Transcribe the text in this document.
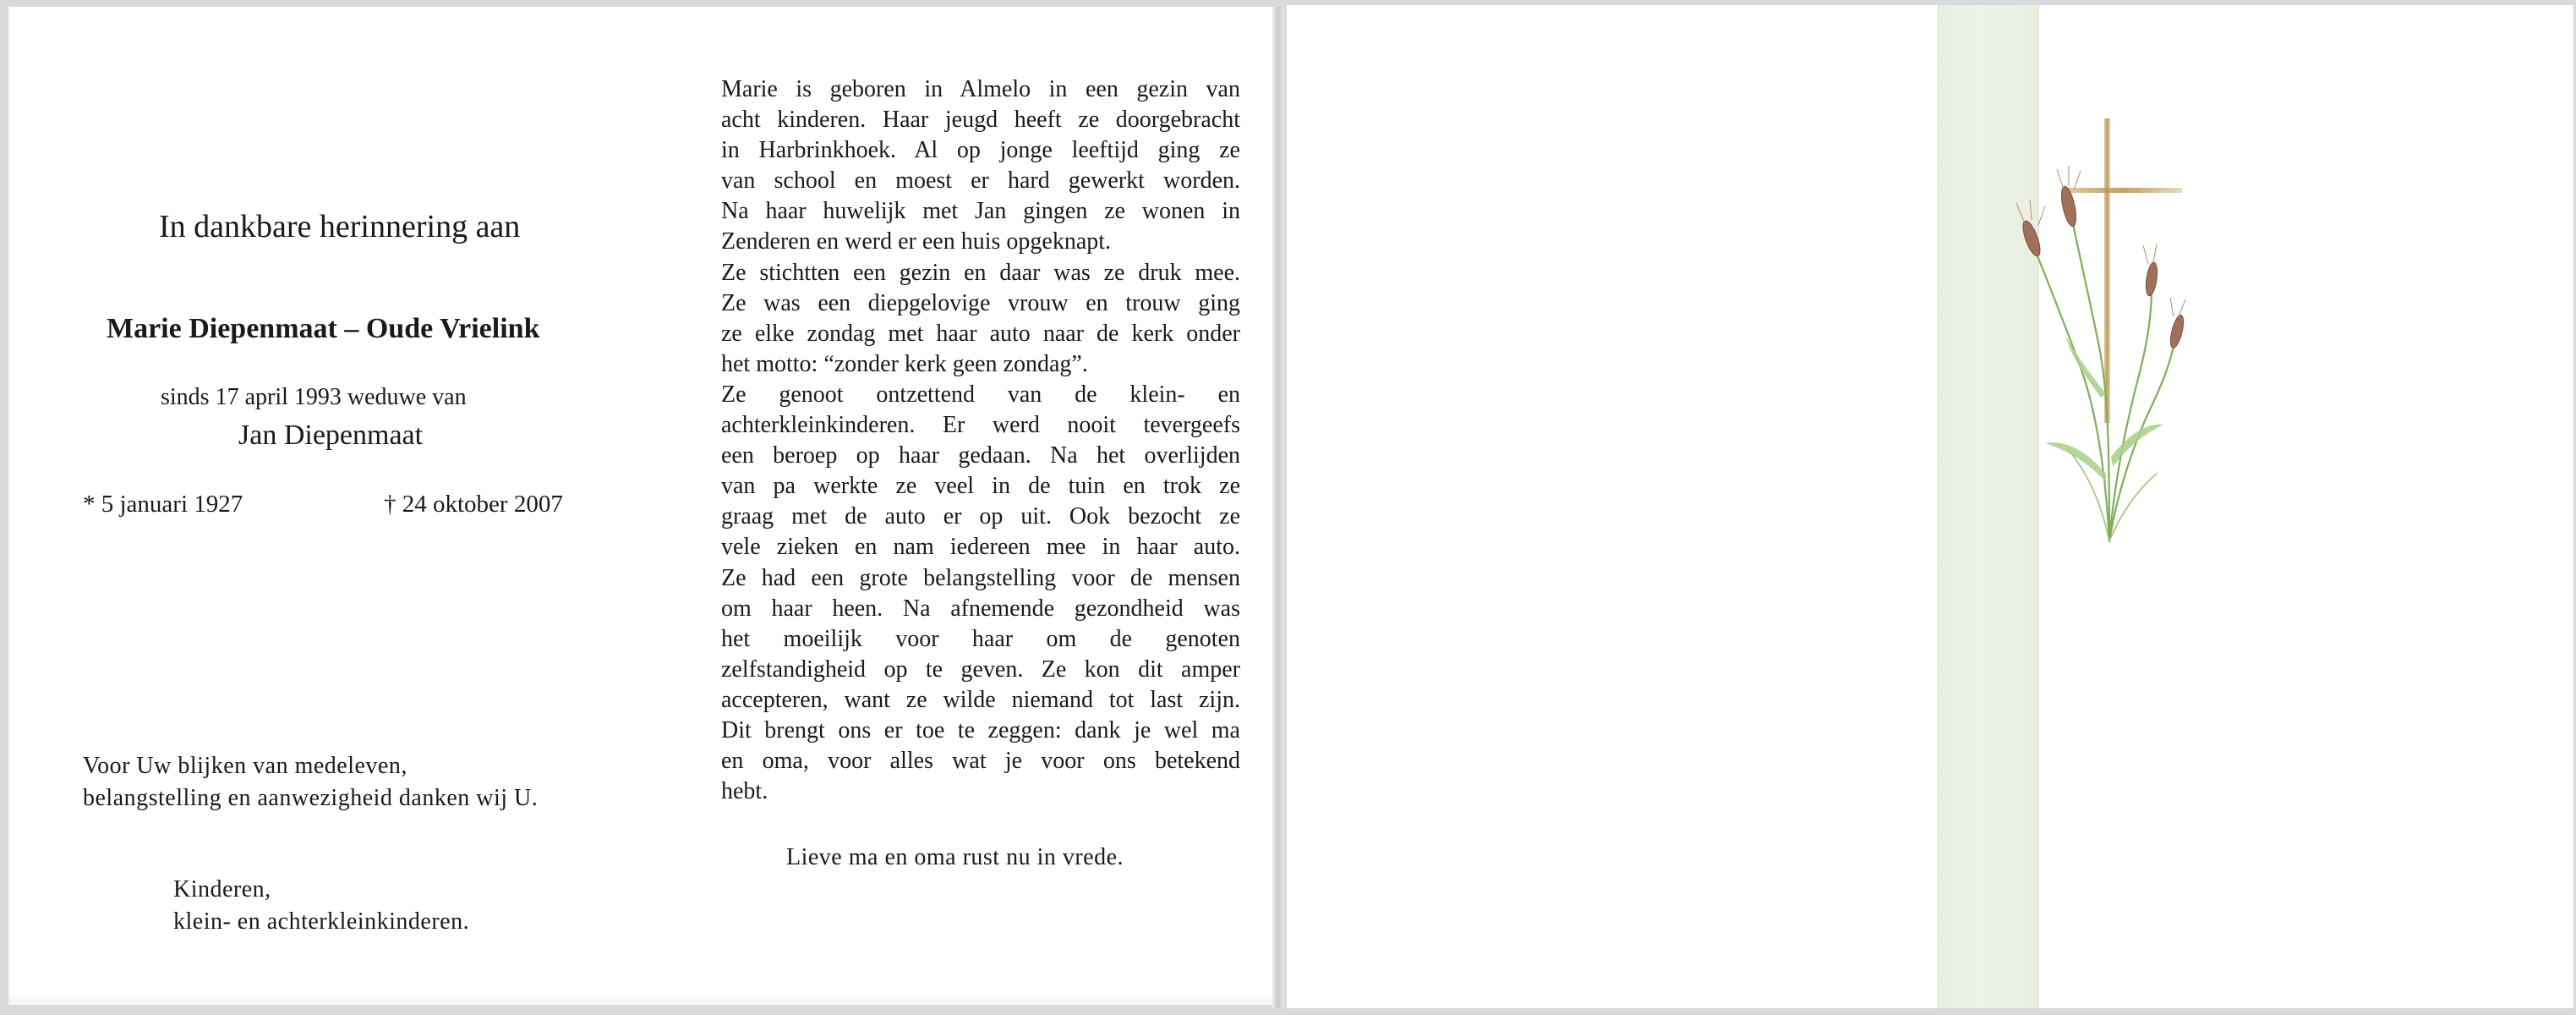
In dankbare herinnering aan
Marie Diepenmaat – Oude Vrielink
sinds 17 april 1993 weduwe van
Jan Diepenmaat
* 5 januari 1927	† 24 oktober 2007
Voor Uw blijken van medeleven,
belangstelling en aanwezigheid danken wij U.
Kinderen,
klein- en achterkleinkinderen.
Marie is geboren in Almelo in een gezin van
acht kinderen. Haar jeugd heeft ze doorgebracht
in Harbrinkhoek. Al op jonge leeftijd ging ze
van school en moest er hard gewerkt worden.
Na haar huwelijk met Jan gingen ze wonen in
Zenderen en werd er een huis opgeknapt.
Ze stichtten een gezin en daar was ze druk mee.
Ze was een diepgelovige vrouw en trouw ging
ze elke zondag met haar auto naar de kerk onder
het motto: “zonder kerk geen zondag”.
Ze genoot ontzettend van de klein- en
achterkleinkinderen. Er werd nooit tevergeefs
een beroep op haar gedaan. Na het overlijden
van pa werkte ze veel in de tuin en trok ze
graag met de auto er op uit. Ook bezocht ze
vele zieken en nam iedereen mee in haar auto.
Ze had een grote belangstelling voor de mensen
om haar heen. Na afnemende gezondheid was
het moeilijk voor haar om de genoten
zelfstandigheid op te geven. Ze kon dit amper
accepteren, want ze wilde niemand tot last zijn.
Dit brengt ons er toe te zeggen: dank je wel ma
en oma, voor alles wat je voor ons betekend
hebt.
Lieve ma en oma rust nu in vrede.
